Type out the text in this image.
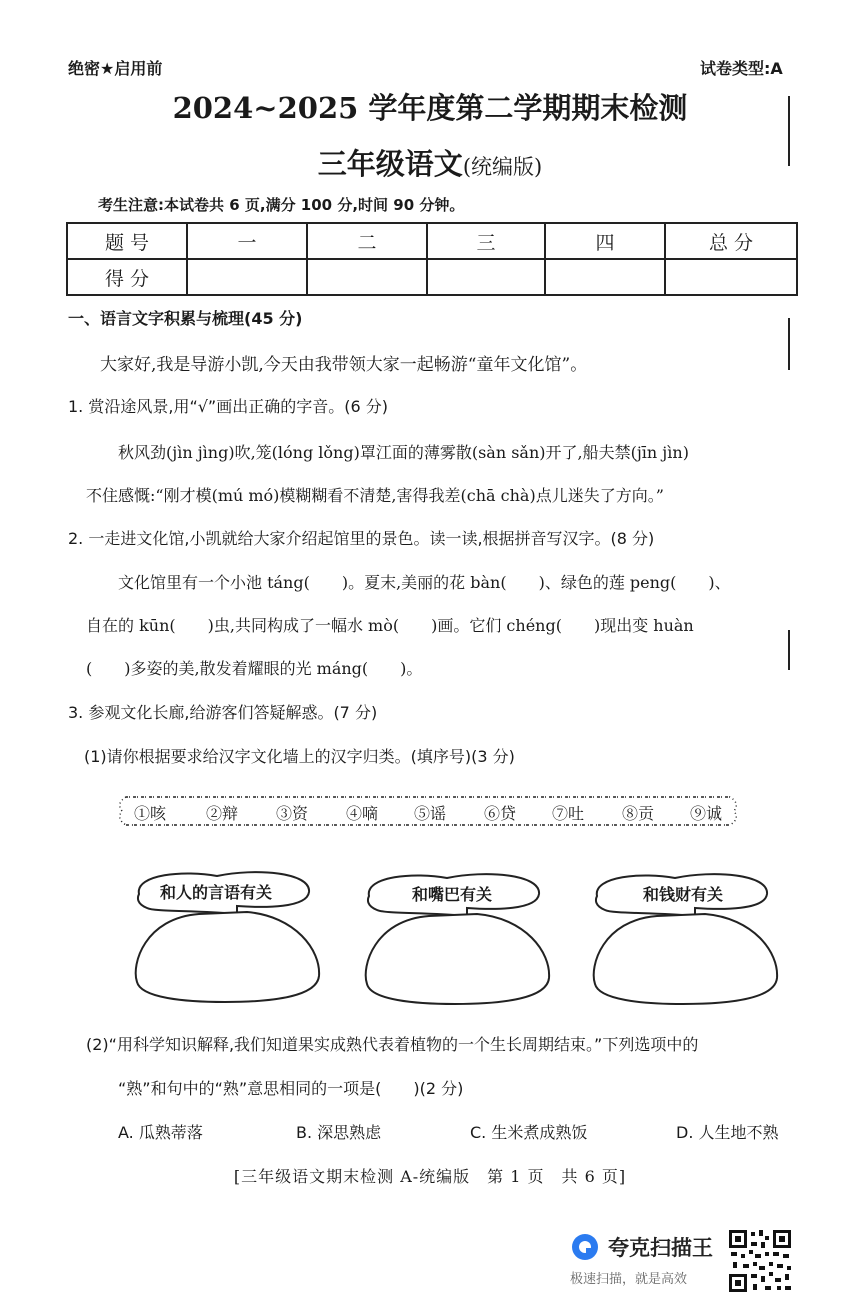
绝密★启用前	试卷类型:A
2024~2025 学年度第二学期期末检测
三年级语文(统编版)
考生注意:本试卷共 6 页,满分 100 分,时间 90 分钟。
题 号	一	二	三	四	总 分
得 分					
一、语言文字积累与梳理(45 分)
大家好,我是导游小凯,今天由我带领大家一起畅游“童年文化馆”。
1. 赏沿途风景,用“√”画出正确的字音。(6 分)
秋风劲(jìn jìng)吹,笼(lóng lǒng)罩江面的薄雾散(sàn sǎn)开了,船夫禁(jīn jìn)
不住感慨:“刚才模(mú mó)模糊糊看不清楚,害得我差(chā chà)点儿迷失了方向。”
2. 一走进文化馆,小凯就给大家介绍起馆里的景色。读一读,根据拼音写汉字。(8 分)
文化馆里有一个小池 táng(　　)。夏末,美丽的花 bàn(　　)、绿色的莲 peng(　　)、
自在的 kūn(　　)虫,共同构成了一幅水 mò(　　)画。它们 chéng(　　)现出变 huàn
(　　)多姿的美,散发着耀眼的光 máng(　　)。
3. 参观文化长廊,给游客们答疑解惑。(7 分)
(1)请你根据要求给汉字文化墙上的汉字归类。(填序号)(3 分)
①咳 ②辩 ③资 ④嘀 ⑤谣 ⑥贷 ⑦吐 ⑧贡 ⑨诚
和人的言语有关	和嘴巴有关	和钱财有关
(2)“用科学知识解释,我们知道果实成熟代表着植物的一个生长周期结束。”下列选项中的
“熟”和句中的“熟”意思相同的一项是(　　)(2 分)
A. 瓜熟蒂落	B. 深思熟虑	C. 生米煮成熟饭	D. 人生地不熟
[三年级语文期末检测 A-统编版　第 1 页　共 6 页]
夸克扫描王
极速扫描，就是高效
